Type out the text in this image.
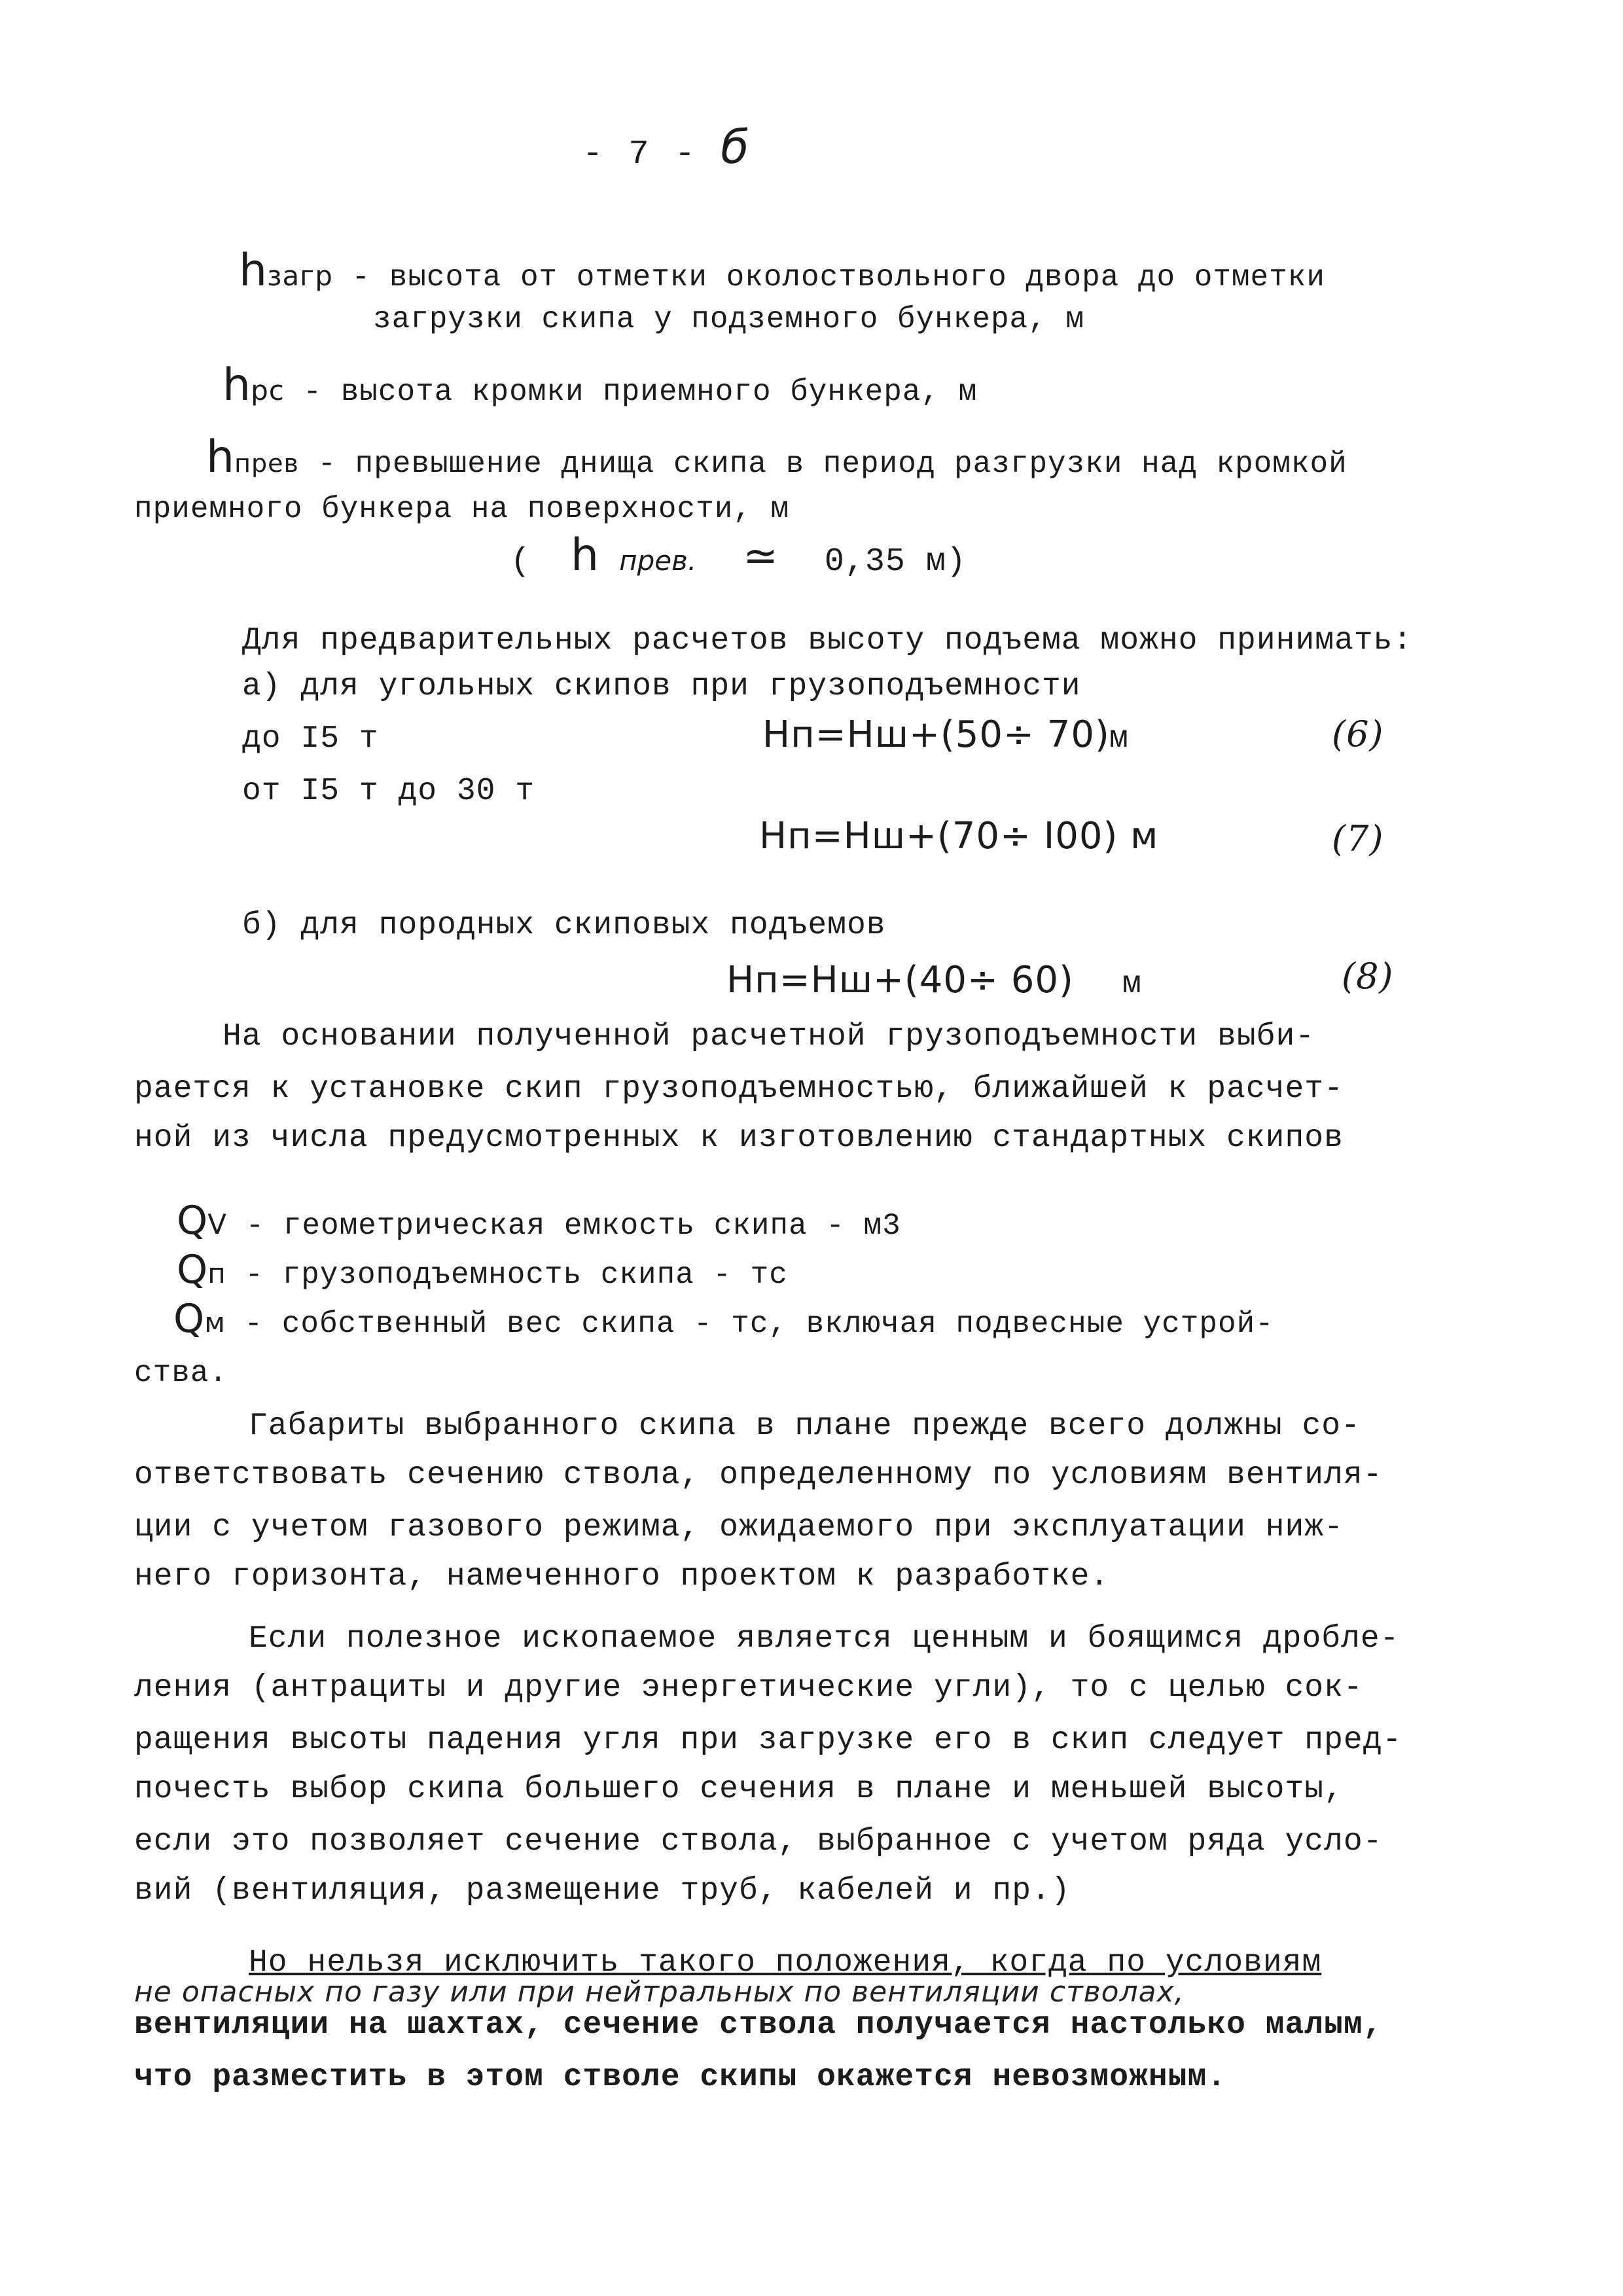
- 7 - б
hзагр - высота от отметки околоствольного двора до отметки
загрузки скипа у подземного бункера, м
hрс - высота кромки приемного бункера, м
hпрев - превышение днища скипа в период разгрузки над кромкой
приемного бункера на поверхности, м
( h прев. ≃ 0,35 м)
Для предварительных расчетов высоту подъема можно принимать:
а) для угольных скипов при грузоподъемности
до I5 т	Hп=Hш+(50÷ 70) м	(6)
от I5 т до 30 т
Hп=Hш+(70÷ I00) м	(7)
б) для породных скиповых подъемов
Hп=Hш+(40÷ 60) м	(8)
На основании полученной расчетной грузоподъемности выби-
рается к установке скип грузоподъемностью, ближайшей к расчет-
ной из числа предусмотренных к изготовлению стандартных скипов
QV - геометрическая емкость скипа - м3
Qп - грузоподъемность скипа - тс
Qм - собственный вес скипа - тс, включая подвесные устрой-
ства.
Габариты выбранного скипа в плане прежде всего должны со-
ответствовать сечению ствола, определенному по условиям вентиля-
ции с учетом газового режима, ожидаемого при эксплуатации ниж-
него горизонта, намеченного проектом к разработке.
Если полезное ископаемое является ценным и боящимся дробле-
ления (антрациты и другие энергетические угли), то с целью сок-
ращения высоты падения угля при загрузке его в скип следует пред-
почесть выбор скипа большего сечения в плане и меньшей высоты,
если это позволяет сечение ствола, выбранное с учетом ряда усло-
вий (вентиляция, размещение труб, кабелей и пр.)
Но нельзя исключить такого положения, когда по условиям
не опасных по газу или при нейтральных по вентиляции стволах,
вентиляции на шахтах, сечение ствола получается настолько малым,
что разместить в этом стволе скипы окажется невозможным.
